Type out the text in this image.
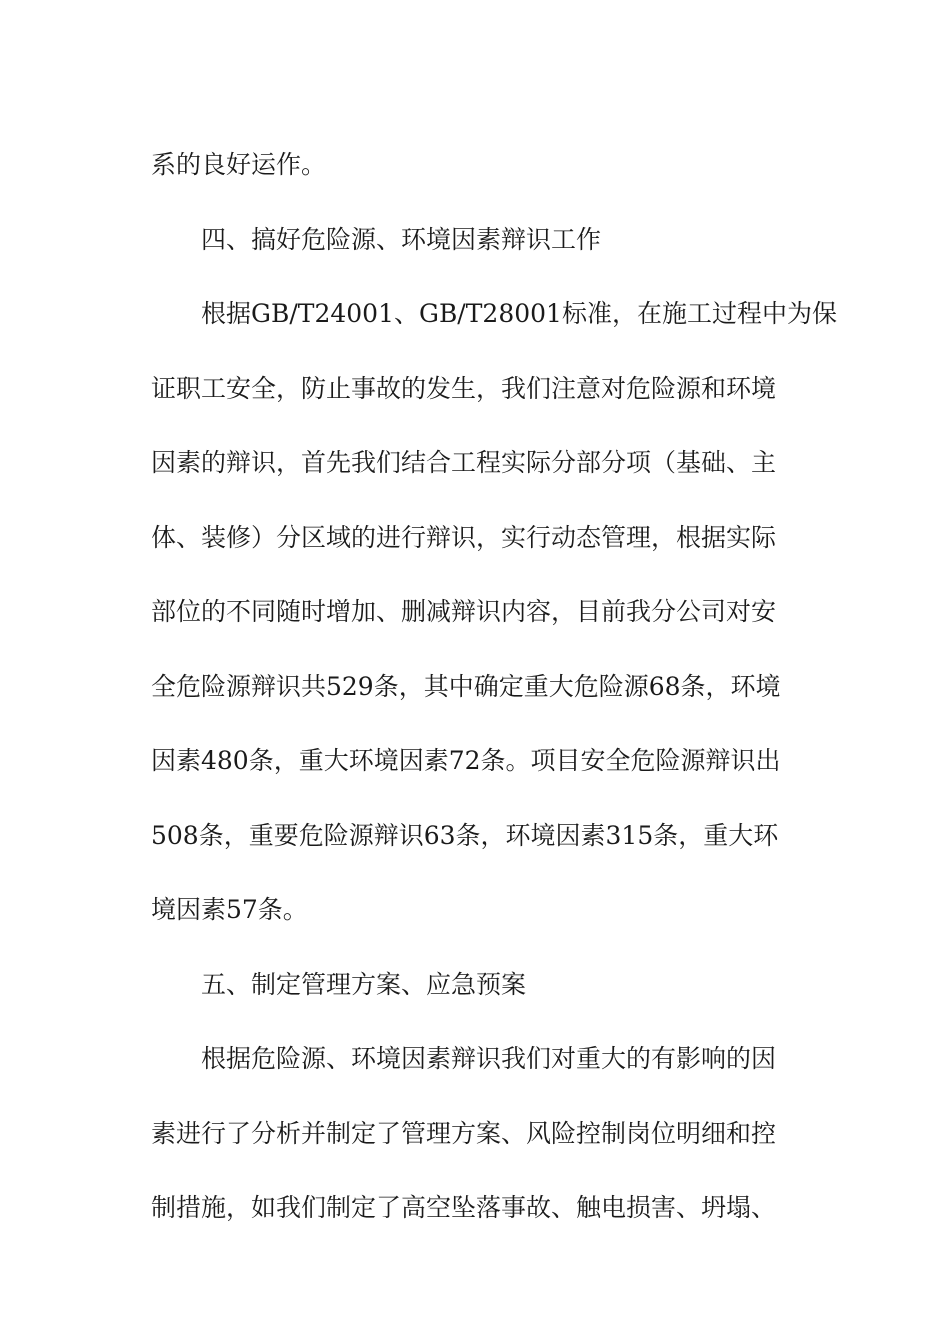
系的良好运作。
四、搞好危险源、环境因素辩识工作
根据GB/T24001、GB/T28001标准，在施工过程中为保
证职工安全，防止事故的发生，我们注意对危险源和环境
因素的辩识，首先我们结合工程实际分部分项（基础、主
体、装修）分区域的进行辩识，实行动态管理，根据实际
部位的不同随时增加、删减辩识内容，目前我分公司对安
全危险源辩识共529条，其中确定重大危险源68条，环境
因素480条，重大环境因素72条。项目安全危险源辩识出
508条，重要危险源辩识63条，环境因素315条，重大环
境因素57条。
五、制定管理方案、应急预案
根据危险源、环境因素辩识我们对重大的有影响的因
素进行了分析并制定了管理方案、风险控制岗位明细和控
制措施，如我们制定了高空坠落事故、触电损害、坍塌、
